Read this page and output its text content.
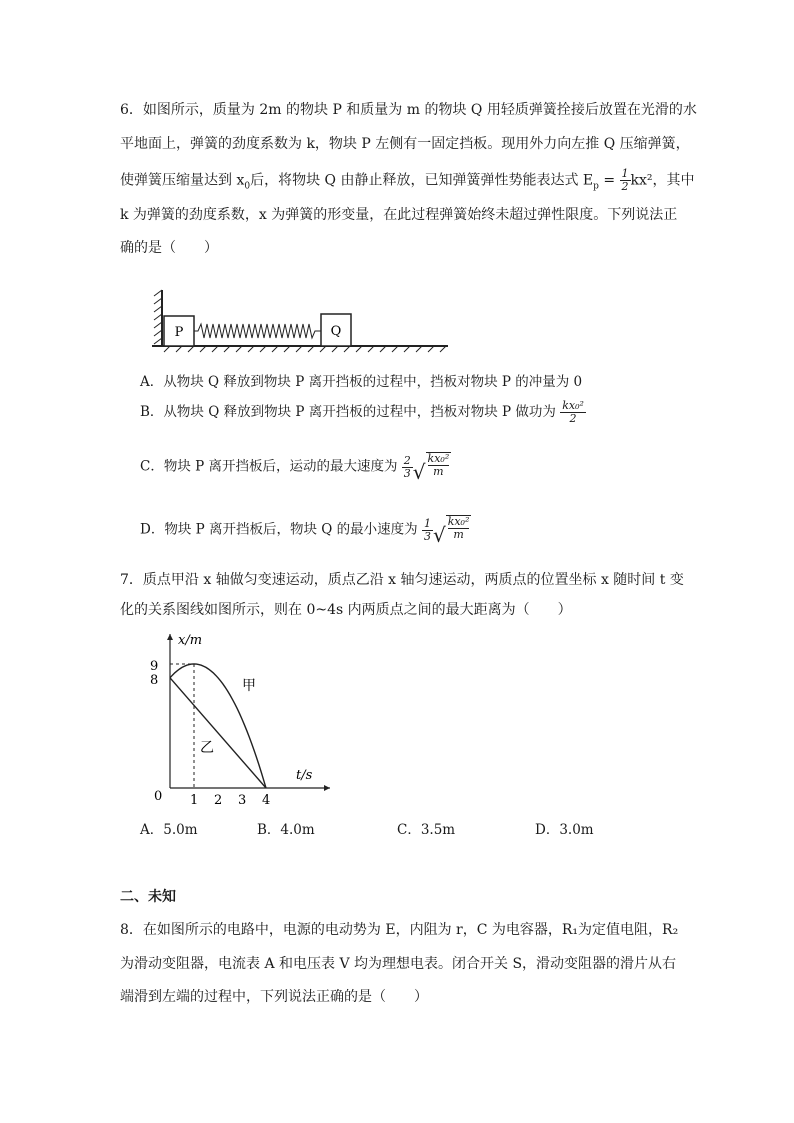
6．如图所示，质量为 2m 的物块 P 和质量为 m 的物块 Q 用轻质弹簧拴接后放置在光滑的水
平地面上，弹簧的劲度系数为 k，物块 P 左侧有一固定挡板。现用外力向左推 Q 压缩弹簧，
使弹簧压缩量达到 $x_0$后，将物块 Q 由静止释放，已知弹簧弹性势能表达式 $E_p = \frac{1}{2} kx^2$，其中
k 为弹簧的劲度系数，x 为弹簧的形变量，在此过程弹簧始终未超过弹性限度。下列说法正
确的是（　　）
P	Q
A．从物块 Q 释放到物块 P 离开挡板的过程中，挡板对物块 P 的冲量为 0
B．从物块 Q 释放到物块 P 离开挡板的过程中，挡板对物块 P 做功为 $\frac{\text{kx₀²}}{2}$
C．物块 P 离开挡板后，运动的最大速度为 $\frac{2}{3}$ √ $\frac{\text{kx₀²}}{m}$
D．物块 P 离开挡板后，物块 Q 的最小速度为 $\frac{1}{3}$ √ $\frac{\text{kx₀²}}{m}$
7．质点甲沿 x 轴做匀变速运动，质点乙沿 x 轴匀速运动，两质点的位置坐标 x 随时间 t 变
化的关系图线如图所示，则在 0~4s 内两质点之间的最大距离为（　　）
x/m
t/s
0
9
8
1 2 3 4
甲
乙
A．5.0m	B．4.0m	C．3.5m	D．3.0m
二、未知
8．在如图所示的电路中，电源的电动势为 E，内阻为 r，C 为电容器，R₁为定值电阻，R₂
为滑动变阻器，电流表 A 和电压表 V 均为理想电表。闭合开关 S，滑动变阻器的滑片从右
端滑到左端的过程中，下列说法正确的是（　　）
